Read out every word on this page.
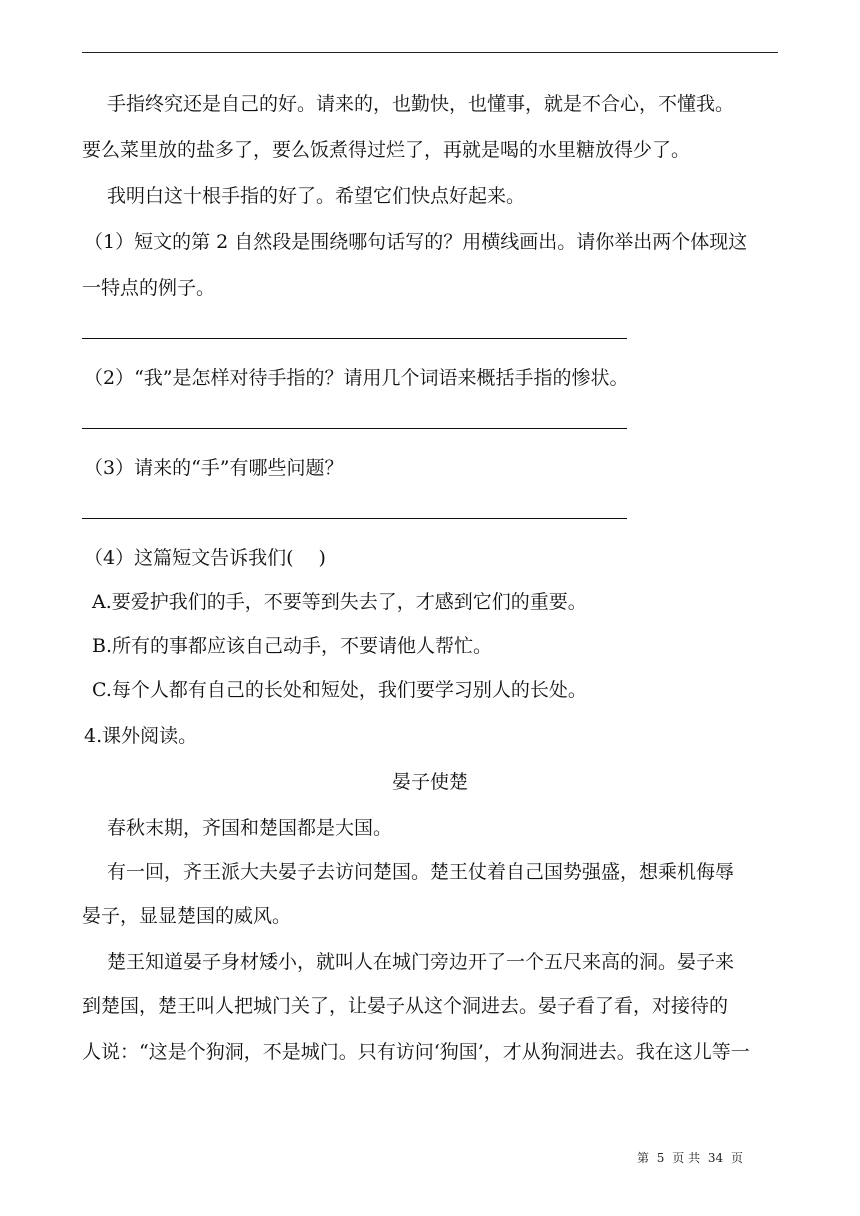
手指终究还是自己的好。请来的，也勤快，也懂事，就是不合心，不懂我。
要么菜里放的盐多了，要么饭煮得过烂了，再就是喝的水里糖放得少了。
我明白这十根手指的好了。希望它们快点好起来。
（1）短文的第 2 自然段是围绕哪句话写的？用横线画出。请你举出两个体现这
一特点的例子。
（2）“我”是怎样对待手指的？请用几个词语来概括手指的惨状。
（3）请来的“手”有哪些问题？
（4）这篇短文告诉我们(　 )
A.要爱护我们的手，不要等到失去了，才感到它们的重要。
B.所有的事都应该自己动手，不要请他人帮忙。
C.每个人都有自己的长处和短处，我们要学习别人的长处。
4.课外阅读。
晏子使楚
春秋末期，齐国和楚国都是大国。
有一回，齐王派大夫晏子去访问楚国。楚王仗着自己国势强盛，想乘机侮辱
晏子，显显楚国的威风。
楚王知道晏子身材矮小，就叫人在城门旁边开了一个五尺来高的洞。晏子来
到楚国，楚王叫人把城门关了，让晏子从这个洞进去。晏子看了看，对接待的
人说：“这是个狗洞，不是城门。只有访问‘狗国’，才从狗洞进去。我在这儿等一
第 5 页 共 34 页
